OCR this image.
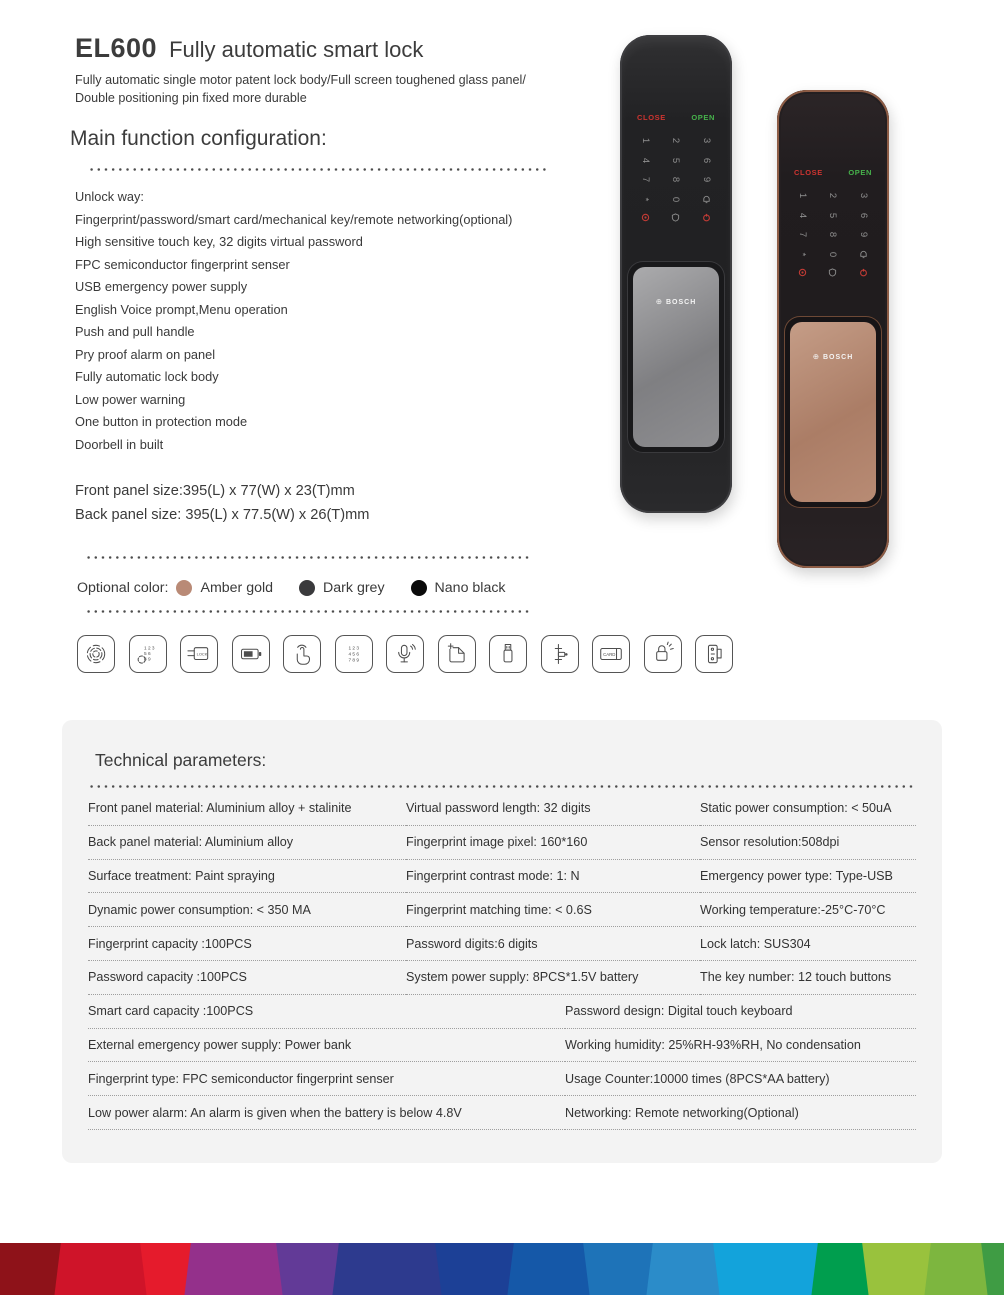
EL600 Fully automatic smart lock
Fully automatic single motor patent lock body/Full screen toughened glass panel/
Double positioning pin fixed more durable
Main function configuration:
Unlock way:
Fingerprint/password/smart card/mechanical key/remote networking(optional)
High sensitive touch key, 32 digits virtual password
FPC semiconductor fingerprint senser
USB emergency power supply
English Voice prompt,Menu operation
Push and pull handle
Pry proof alarm on panel
Fully automatic lock body
Low power warning
One button in protection mode
Doorbell in built
Front panel size:395(L) x 77(W) x 23(T)mm
Back panel size: 395(L) x 77.5(W) x 26(T)mm
Optional color: Amber gold	Dark grey	Nano black
1 2 3
5 6
8 9
LOCK
1 2 3
4 5 6
7 8 9
CARD
CLOSE	OPEN
1 2 3
4 5 6
7 8 9
* 0
⊕ BOSCH
CLOSE	OPEN
1 2 3
4 5 6
7 8 9
* 0
⊕ BOSCH
Technical parameters:
Front panel material: Aluminium alloy + stalinite	Virtual password length: 32 digits	Static power consumption: < 50uA
Back panel material: Aluminium alloy	Fingerprint image pixel: 160*160	Sensor resolution:508dpi
Surface treatment: Paint spraying	Fingerprint contrast mode: 1: N	Emergency power type: Type-USB
Dynamic power consumption: < 350 MA	Fingerprint matching time: < 0.6S	Working temperature:-25°C-70°C
Fingerprint capacity :100PCS	Password digits:6 digits	Lock latch: SUS304
Password capacity :100PCS	System power supply: 8PCS*1.5V battery	The key number: 12 touch buttons
Smart card capacity :100PCS	Password design: Digital touch keyboard
External emergency power supply: Power bank	Working humidity: 25%RH-93%RH, No condensation
Fingerprint type: FPC semiconductor fingerprint senser	Usage Counter:10000 times (8PCS*AA battery)
Low power alarm: An alarm is given when the battery is below 4.8V	Networking: Remote networking(Optional)
